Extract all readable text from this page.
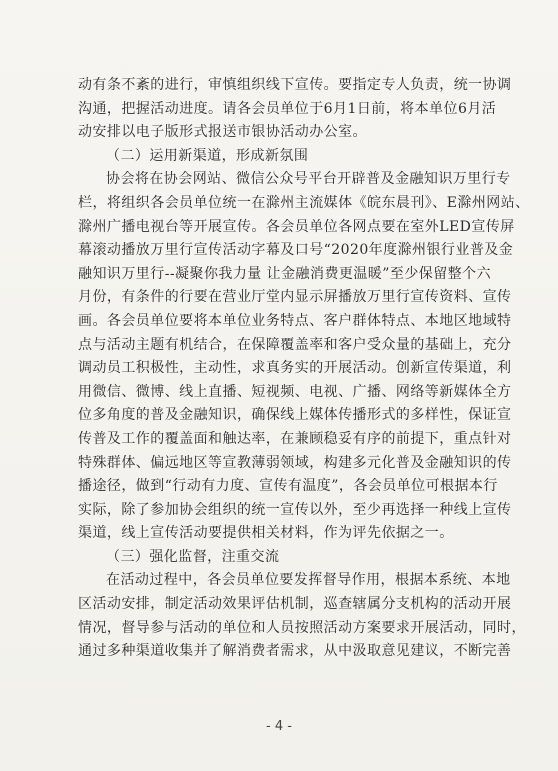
动有条不紊的进行，审慎组织线下宣传。要指定专人负责，统一协调
沟通，把握活动进度。请各会员单位于6月1日前，将本单位6月活
动安排以电子版形式报送市银协活动办公室。
（二）运用新渠道，形成新氛围
协会将在协会网站、微信公众号平台开辟普及金融知识万里行专
栏，将组织各会员单位统一在滁州主流媒体《皖东晨刊》、E滁州网站、
滁州广播电视台等开展宣传。各会员单位各网点要在室外LED宣传屏
幕滚动播放万里行宣传活动字幕及口号“2020年度滁州银行业普及金
融知识万里行--凝聚你我力量 让金融消费更温暖”至少保留整个六
月份，有条件的行要在营业厅堂内显示屏播放万里行宣传资料、宣传
画。各会员单位要将本单位业务特点、客户群体特点、本地区地域特
点与活动主题有机结合，在保障覆盖率和客户受众量的基础上，充分
调动员工积极性，主动性，求真务实的开展活动。创新宣传渠道，利
用微信、微博、线上直播、短视频、电视、广播、网络等新媒体全方
位多角度的普及金融知识，确保线上媒体传播形式的多样性，保证宣
传普及工作的覆盖面和触达率，在兼顾稳妥有序的前提下，重点针对
特殊群体、偏远地区等宣教薄弱领域，构建多元化普及金融知识的传
播途径，做到“行动有力度、宣传有温度”，各会员单位可根据本行
实际，除了参加协会组织的统一宣传以外，至少再选择一种线上宣传
渠道，线上宣传活动要提供相关材料，作为评先依据之一。
（三）强化监督，注重交流
在活动过程中，各会员单位要发挥督导作用，根据本系统、本地
区活动安排，制定活动效果评估机制，巡查辖属分支机构的活动开展
情况，督导参与活动的单位和人员按照活动方案要求开展活动，同时，
通过多种渠道收集并了解消费者需求，从中汲取意见建议，不断完善
- 4 -
